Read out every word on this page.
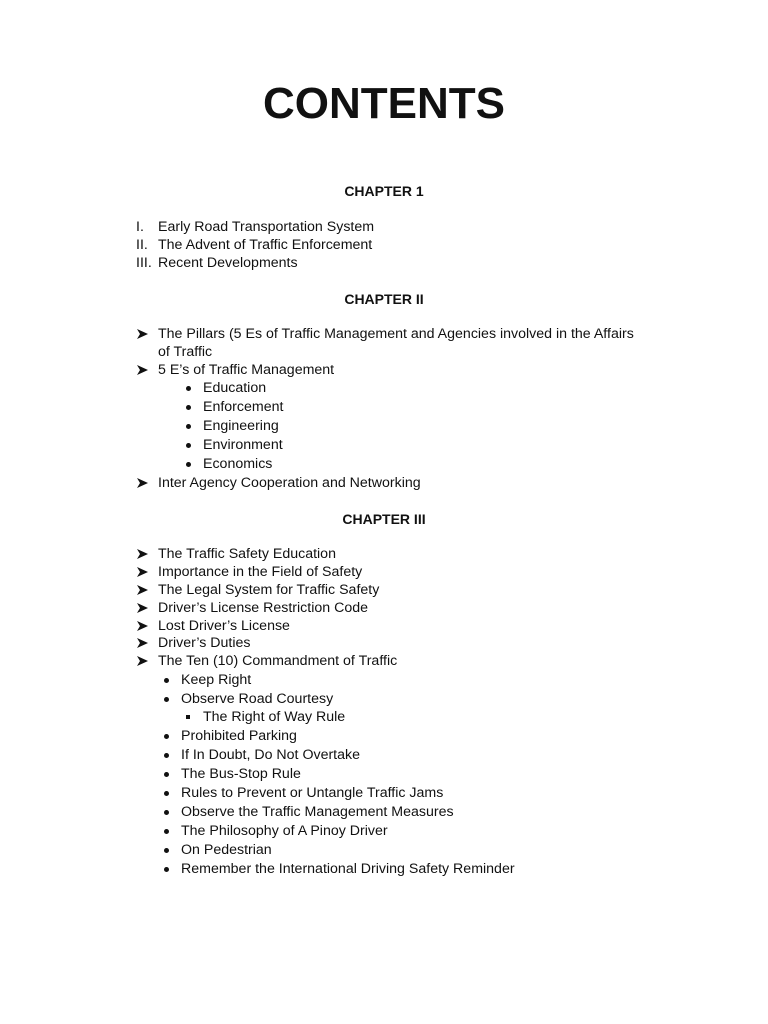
CONTENTS
CHAPTER 1
I. Early Road Transportation System
II. The Advent of Traffic Enforcement
III. Recent Developments
CHAPTER II
The Pillars (5 Es of Traffic Management and Agencies involved in the Affairs
of Traffic
5 E’s of Traffic Management
Education
Enforcement
Engineering
Environment
Economics
Inter Agency Cooperation and Networking
CHAPTER III
The Traffic Safety Education
Importance in the Field of Safety
The Legal System for Traffic Safety
Driver’s License Restriction Code
Lost Driver’s License
Driver’s Duties
The Ten (10) Commandment of Traffic
Keep Right
Observe Road Courtesy
The Right of Way Rule
Prohibited Parking
If In Doubt, Do Not Overtake
The Bus-Stop Rule
Rules to Prevent or Untangle Traffic Jams
Observe the Traffic Management Measures
The Philosophy of A Pinoy Driver
On Pedestrian
Remember the International Driving Safety Reminder
